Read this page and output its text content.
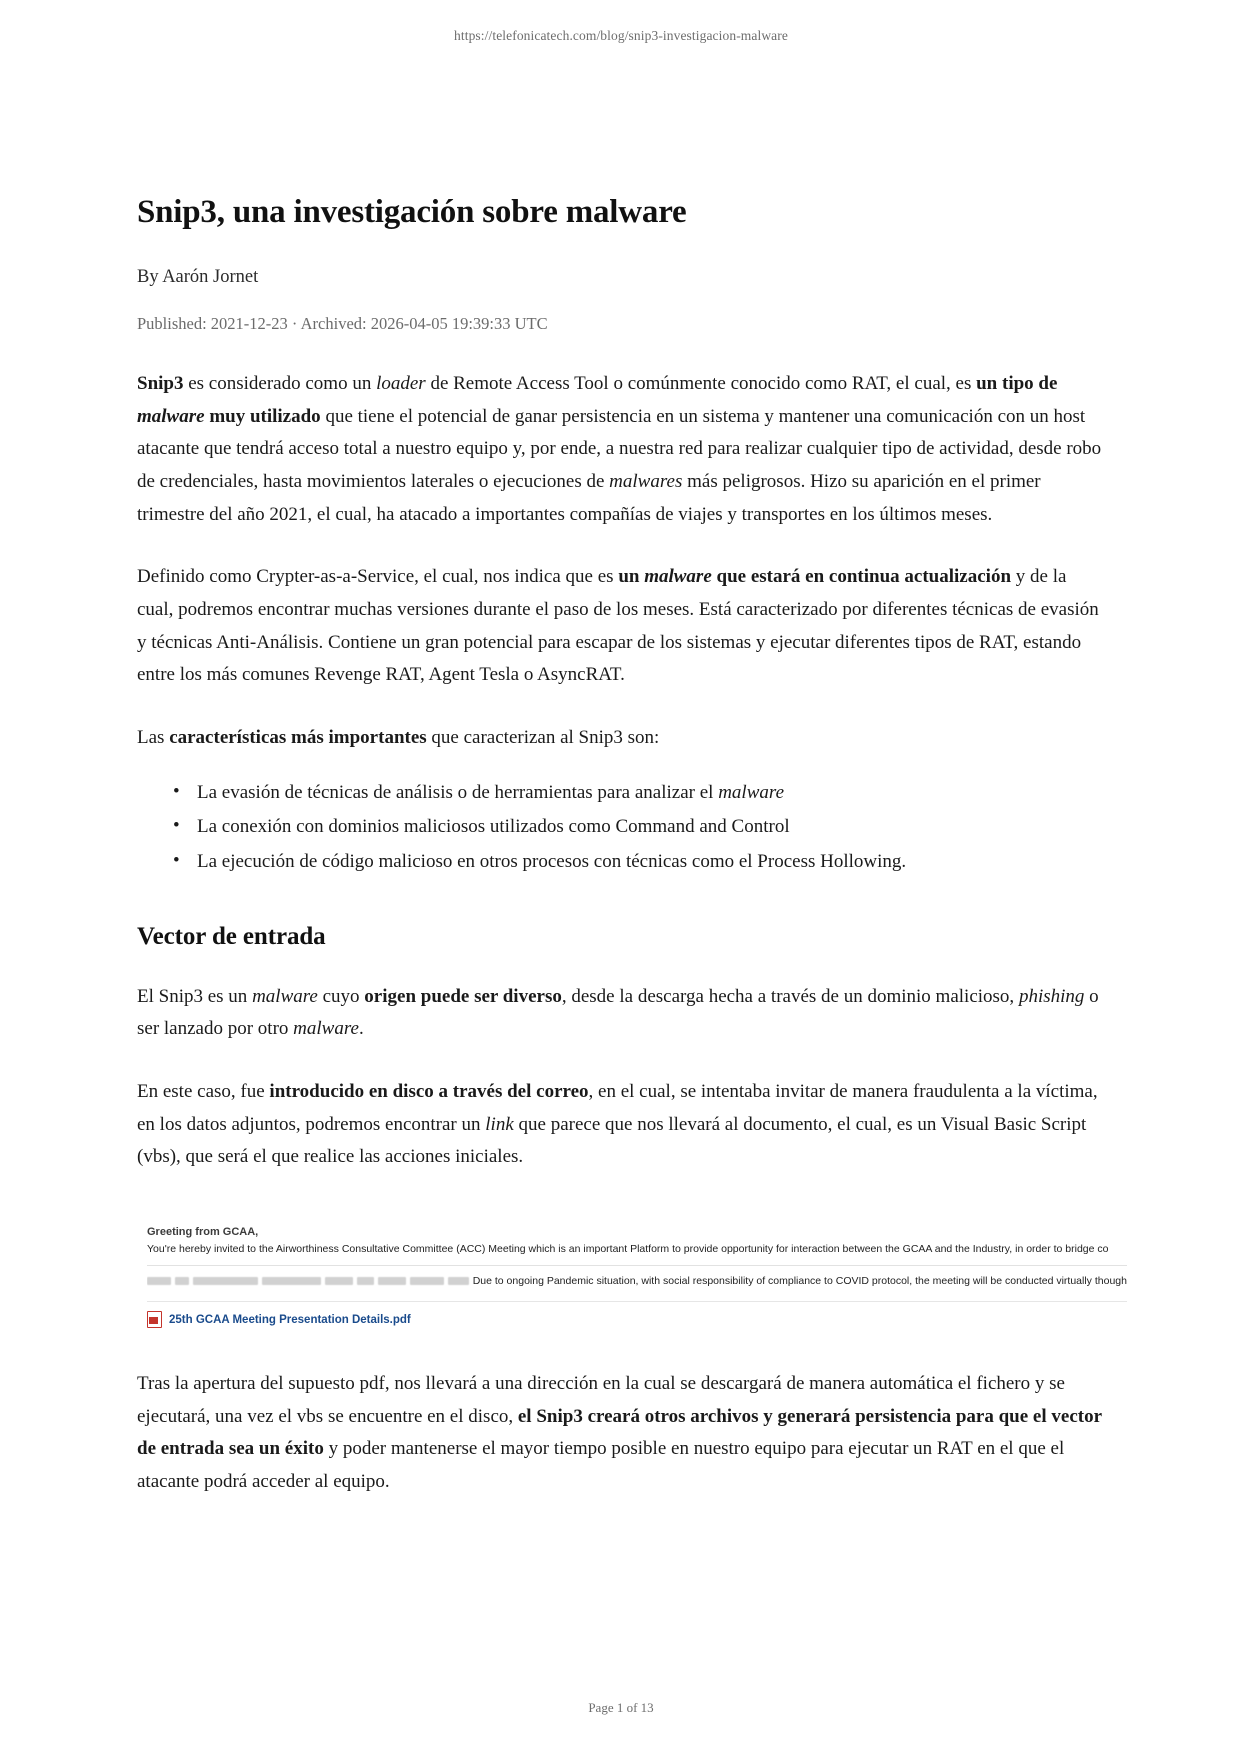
https://telefonicatech.com/blog/snip3-investigacion-malware
Snip3, una investigación sobre malware
By Aarón Jornet
Published: 2021-12-23 · Archived: 2026-04-05 19:39:33 UTC

Snip3 es considerado como un loader de Remote Access Tool o comúnmente conocido como RAT, el cual, es un tipo de malware muy utilizado que tiene el potencial de ganar persistencia en un sistema y mantener una comunicación con un host atacante que tendrá acceso total a nuestro equipo y, por ende, a nuestra red para realizar cualquier tipo de actividad, desde robo de credenciales, hasta movimientos laterales o ejecuciones de malwares más peligrosos. Hizo su aparición en el primer trimestre del año 2021, el cual, ha atacado a importantes compañías de viajes y transportes en los últimos meses.

Definido como Crypter-as-a-Service, el cual, nos indica que es un malware que estará en continua actualización y de la cual, podremos encontrar muchas versiones durante el paso de los meses. Está caracterizado por diferentes técnicas de evasión y técnicas Anti-Análisis. Contiene un gran potencial para escapar de los sistemas y ejecutar diferentes tipos de RAT, estando entre los más comunes Revenge RAT, Agent Tesla o AsyncRAT.

Las características más importantes que caracterizan al Snip3 son:

• La evasión de técnicas de análisis o de herramientas para analizar el malware
• La conexión con dominios maliciosos utilizados como Command and Control
• La ejecución de código malicioso en otros procesos con técnicas como el Process Hollowing.
Vector de entrada

El Snip3 es un malware cuyo origen puede ser diverso, desde la descarga hecha a través de un dominio malicioso, phishing o ser lanzado por otro malware.

En este caso, fue introducido en disco a través del correo, en el cual, se intentaba invitar de manera fraudulenta a la víctima, en los datos adjuntos, podremos encontrar un link que parece que nos llevará al documento, el cual, es un Visual Basic Script (vbs), que será el que realice las acciones iniciales.

Greeting from GCAA,
You're hereby invited to the Airworthiness Consultative Committee (ACC) Meeting which is an important Platform to provide opportunity for interaction between the GCAA and the Industry, in order to bridge co
Due to ongoing Pandemic situation, with social responsibility of compliance to COVID protocol, the meeting will be conducted virtually though
25th GCAA Meeting Presentation Details.pdf

Tras la apertura del supuesto pdf, nos llevará a una dirección en la cual se descargará de manera automática el fichero y se ejecutará, una vez el vbs se encuentre en el disco, el Snip3 creará otros archivos y generará persistencia para que el vector de entrada sea un éxito y poder mantenerse el mayor tiempo posible en nuestro equipo para ejecutar un RAT en el que el atacante podrá acceder al equipo.

Page 1 of 13
